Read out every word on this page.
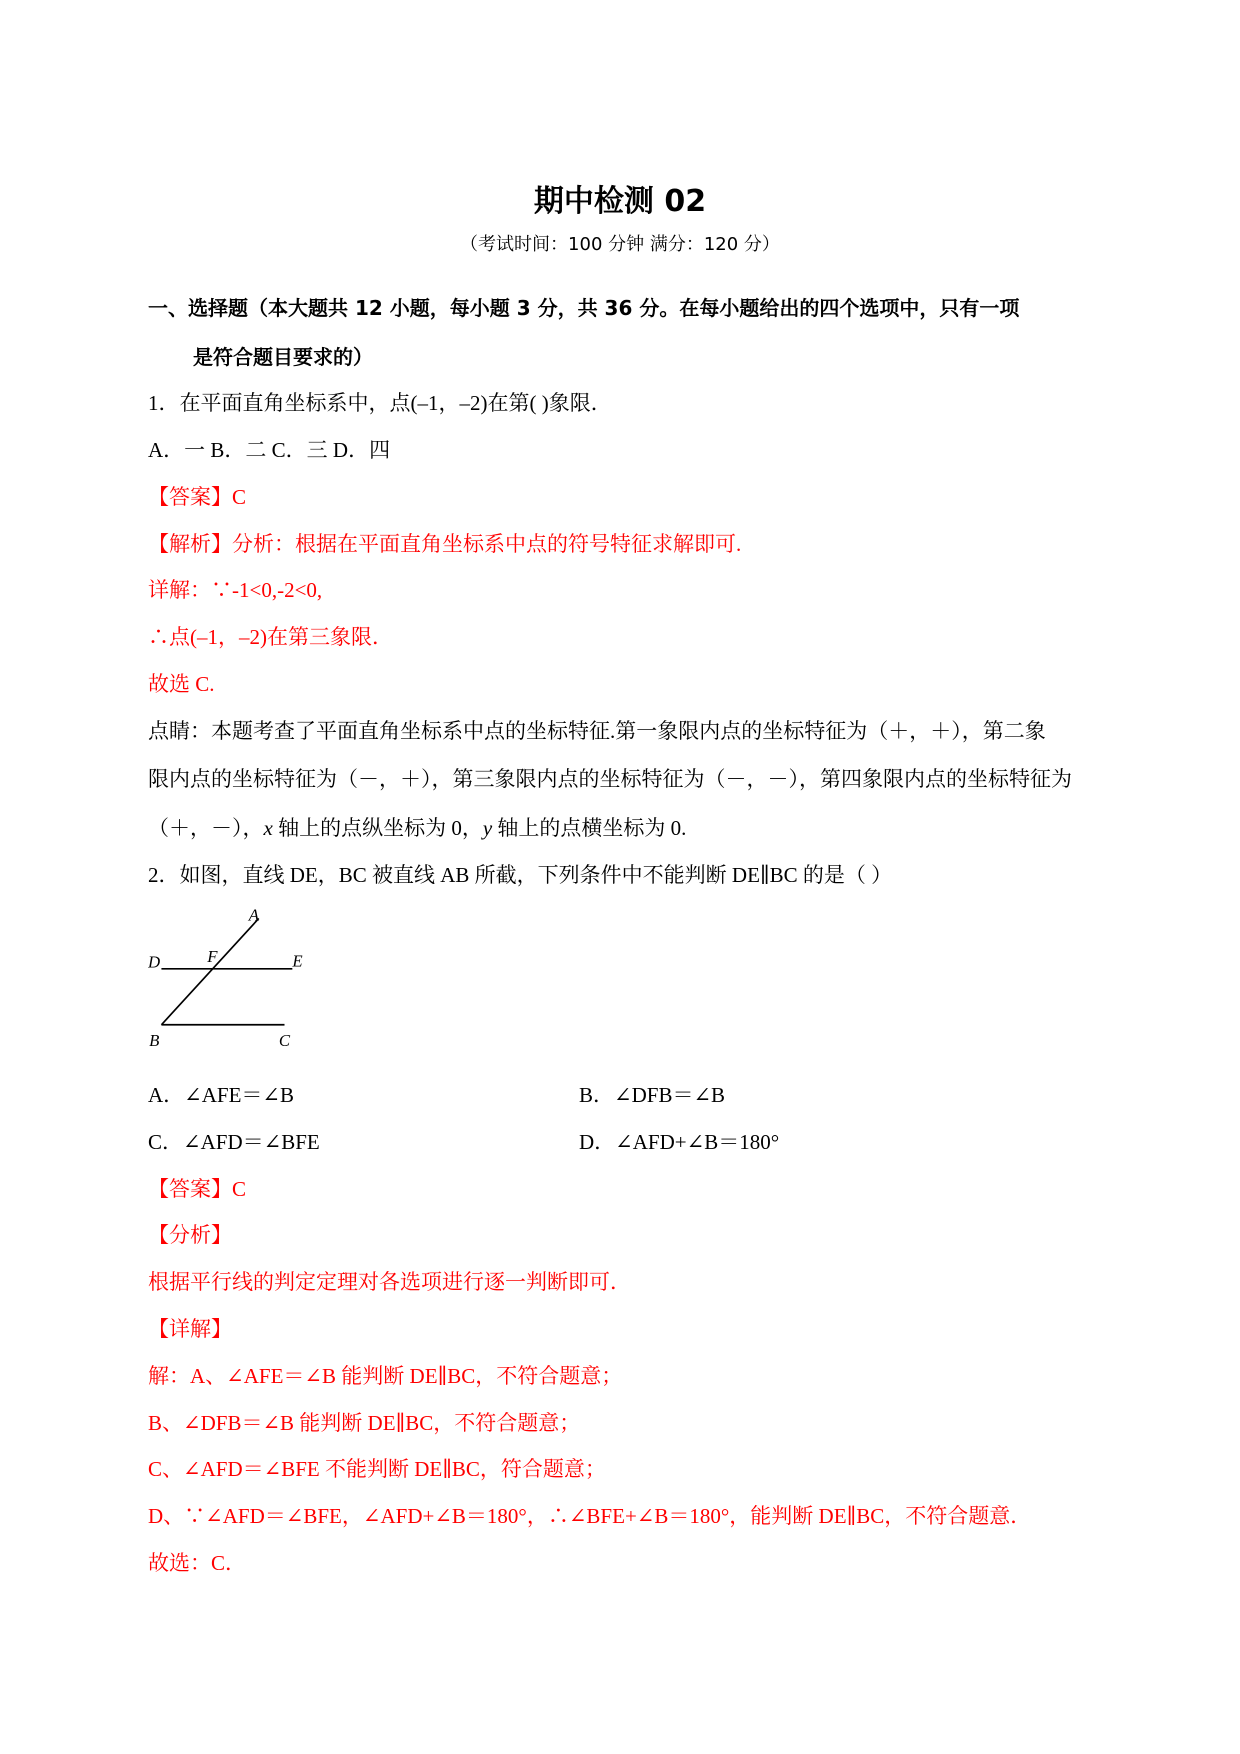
期中检测 02
（考试时间：100 分钟 满分：120 分）
一、选择题（本大题共 12 小题，每小题 3 分，共 36 分。在每小题给出的四个选项中，只有一项
是符合题目要求的）
1．在平面直角坐标系中，点(–1，–2)在第( )象限．
A．一 B．二 C．三 D．四
【答案】C
【解析】分析：根据在平面直角坐标系中点的符号特征求解即可.
详解：∵-1<0,-2<0,
∴点(–1，–2)在第三象限．
故选 C.
点睛：本题考查了平面直角坐标系中点的坐标特征.第一象限内点的坐标特征为（＋，＋），第二象
限内点的坐标特征为（－，＋），第三象限内点的坐标特征为（－，－），第四象限内点的坐标特征为
（＋，－），x 轴上的点纵坐标为 0，y 轴上的点横坐标为 0.
2．如图，直线 DE，BC 被直线 AB 所截，下列条件中不能判断 DE∥BC 的是（ ）
A
D	F	E
B	C
A．∠AFE＝∠B	B．∠DFB＝∠B
C．∠AFD＝∠BFE	D．∠AFD+∠B＝180°
【答案】C
【分析】
根据平行线的判定定理对各选项进行逐一判断即可．
【详解】
解：A、∠AFE＝∠B 能判断 DE∥BC，不符合题意；
B、∠DFB＝∠B 能判断 DE∥BC，不符合题意；
C、∠AFD＝∠BFE 不能判断 DE∥BC，符合题意；
D、∵∠AFD＝∠BFE，∠AFD+∠B＝180°，∴∠BFE+∠B＝180°，能判断 DE∥BC，不符合题意．
故选：C．
